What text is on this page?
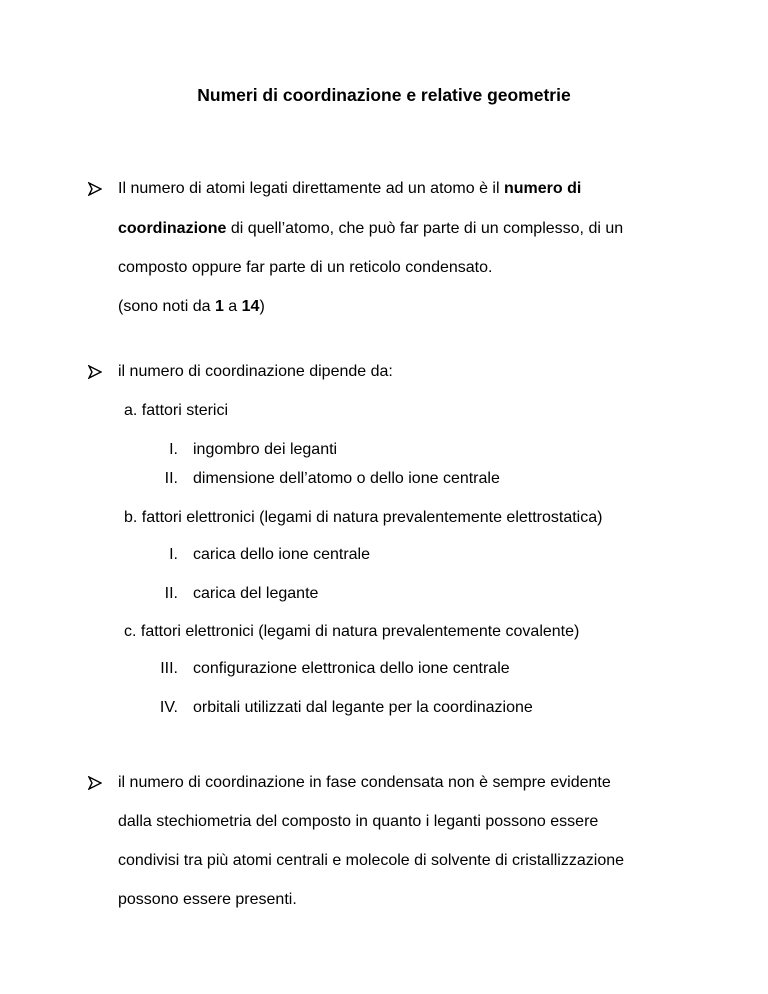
Numeri di coordinazione e relative geometrie
Il numero di atomi legati direttamente ad un atomo è il numero di
coordinazione di quell’atomo, che può far parte di un complesso, di un
composto oppure far parte di un reticolo condensato.
(sono noti da 1 a 14)
il numero di coordinazione dipende da:
a. fattori sterici
I. ingombro dei leganti
II. dimensione dell’atomo o dello ione centrale
b. fattori elettronici (legami di natura prevalentemente elettrostatica)
I. carica dello ione centrale
II. carica del legante
c. fattori elettronici (legami di natura prevalentemente covalente)
III. configurazione elettronica dello ione centrale
IV. orbitali utilizzati dal legante per la coordinazione
il numero di coordinazione in fase condensata non è sempre evidente
dalla stechiometria del composto in quanto i leganti possono essere
condivisi tra più atomi centrali e molecole di solvente di cristallizzazione
possono essere presenti.
